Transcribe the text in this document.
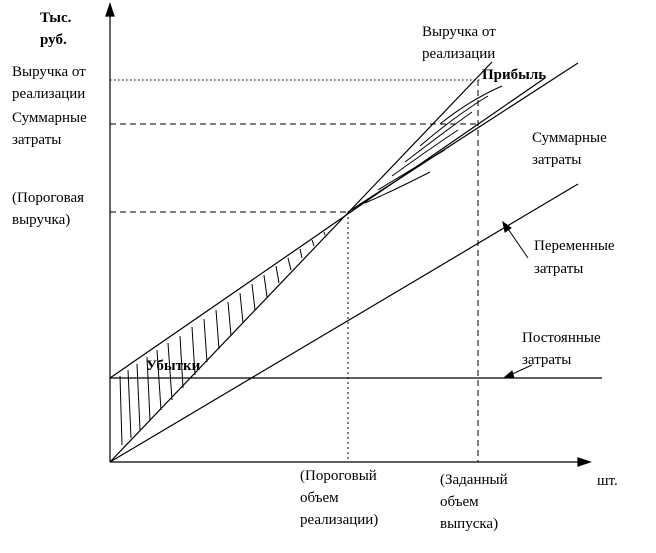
Тыс.
руб.
шт.
Выручка от
реализации
Суммарные
затраты
(Пороговая
выручка)
Выручка от
реализации
Прибыль
Суммарные
затраты
Переменные
затраты
Постоянные
затраты
Убытки
(Пороговый
объем
реализации)
(Заданный
объем
выпуска)
